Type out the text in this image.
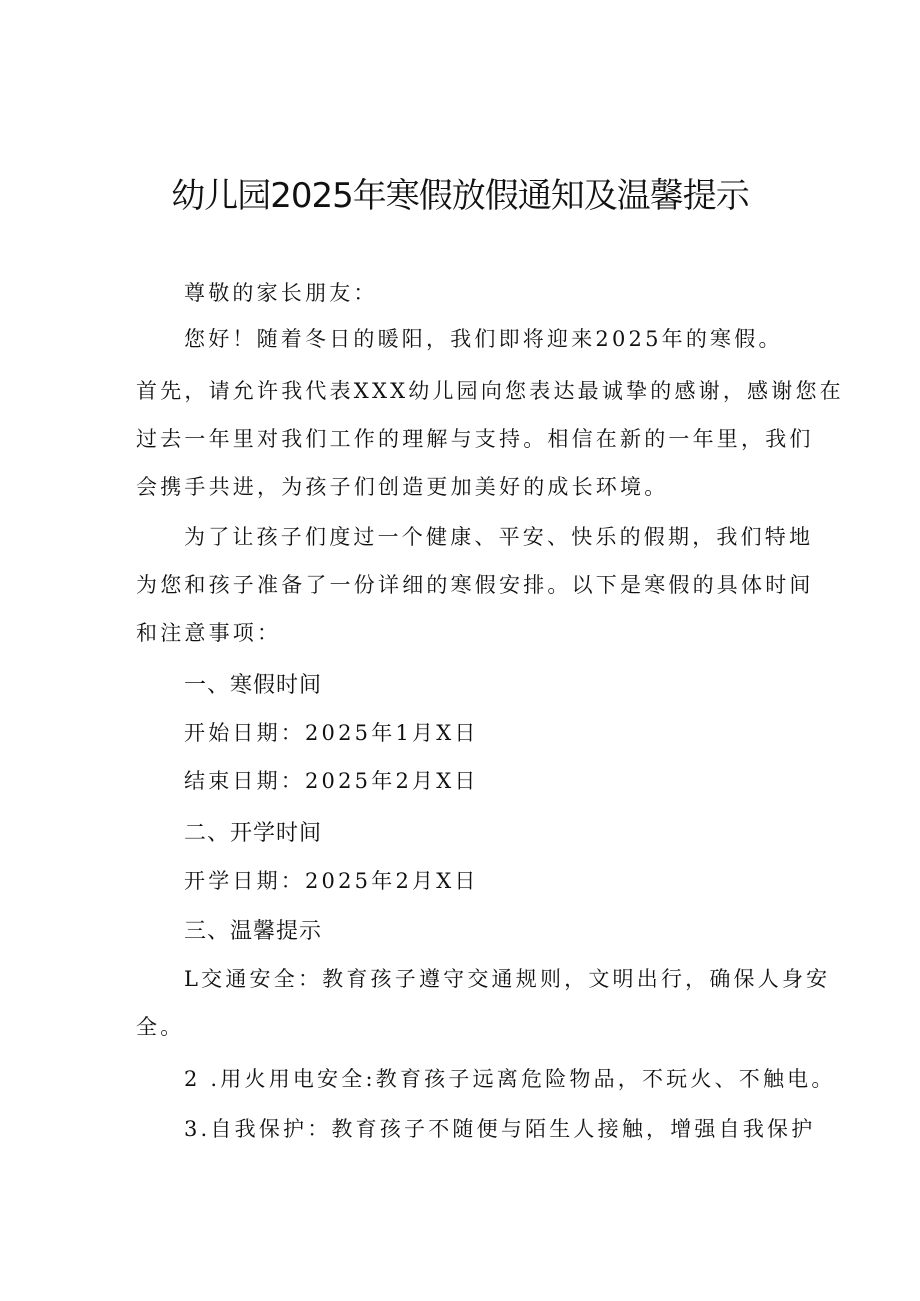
幼儿园2025年寒假放假通知及温馨提示

尊敬的家长朋友：

您好！随着冬日的暖阳，我们即将迎来2025年的寒假。

首先，请允许我代表XXX幼儿园向您表达最诚挚的感谢，感谢您在

过去一年里对我们工作的理解与支持。相信在新的一年里，我们

会携手共进，为孩子们创造更加美好的成长环境。

为了让孩子们度过一个健康、平安、快乐的假期，我们特地

为您和孩子准备了一份详细的寒假安排。以下是寒假的具体时间

和注意事项：

一、寒假时间

开始日期：2025年1月X日

结束日期：2025年2月X日

二、开学时间

开学日期：2025年2月X日

三、温馨提示

L交通安全：教育孩子遵守交通规则，文明出行，确保人身安

全。

2 .用火用电安全:教育孩子远离危险物品，不玩火、不触电。

3.自我保护：教育孩子不随便与陌生人接触，增强自我保护
